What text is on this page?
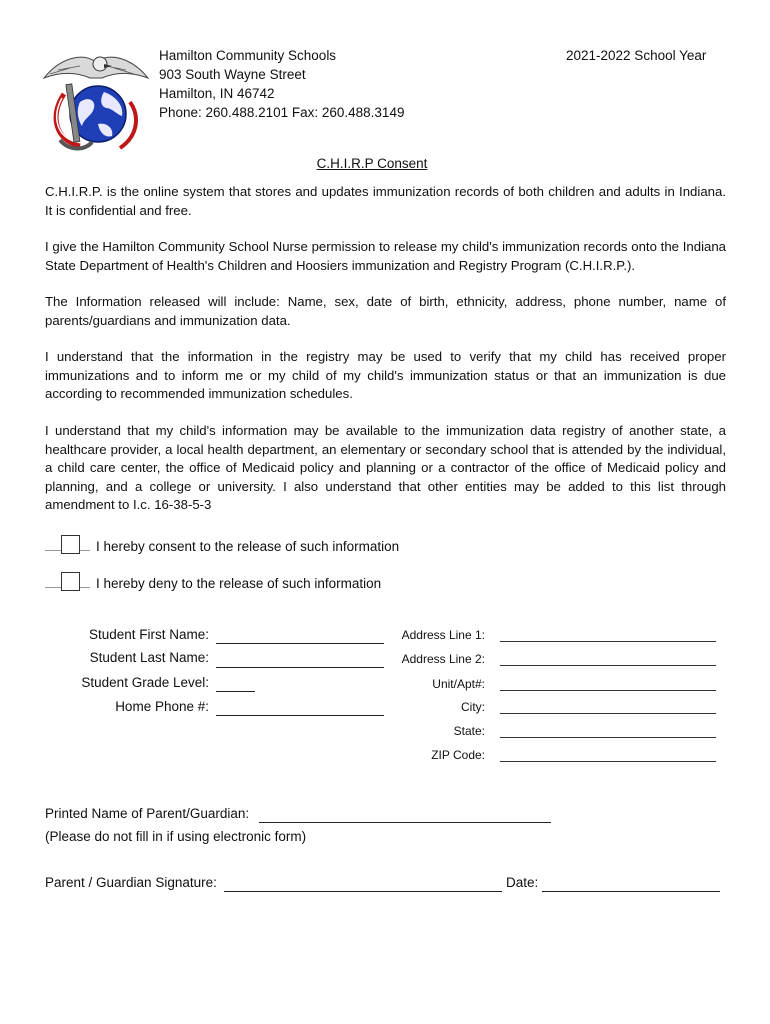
Hamilton Community Schools
903 South Wayne Street
Hamilton, IN 46742
Phone: 260.488.2101 Fax: 260.488.3149
2021-2022 School Year
C.H.I.R.P Consent
C.H.I.R.P. is the online system that stores and updates immunization records of both children and adults in Indiana. It is confidential and free.
I give the Hamilton Community School Nurse permission to release my child's immunization records onto the Indiana State Department of Health's Children and Hoosiers immunization and Registry Program (C.H.I.R.P.).
The Information released will include: Name, sex, date of birth, ethnicity, address, phone number, name of parents/guardians and immunization data.
I understand that the information in the registry may be used to verify that my child has received proper immunizations and to inform me or my child of my child's immunization status or that an immunization is due according to recommended immunization schedules.
I understand that my child's information may be available to the immunization data registry of another state, a healthcare provider, a local health department, an elementary or secondary school that is attended by the individual, a child care center, the office of Medicaid policy and planning or a contractor of the office of Medicaid policy and planning, and a college or university. I also understand that other entities may be added to this list through amendment to I.c. 16-38-5-3
I hereby consent to the release of such information
I hereby deny to the release of such information
Student First Name:
Student Last Name:
Student Grade Level:
Home Phone #:
Address Line 1:
Address Line 2:
Unit/Apt#:
City:
State:
ZIP Code:
Printed Name of Parent/Guardian:
(Please do not fill in if using electronic form)
Parent / Guardian Signature:	Date:
